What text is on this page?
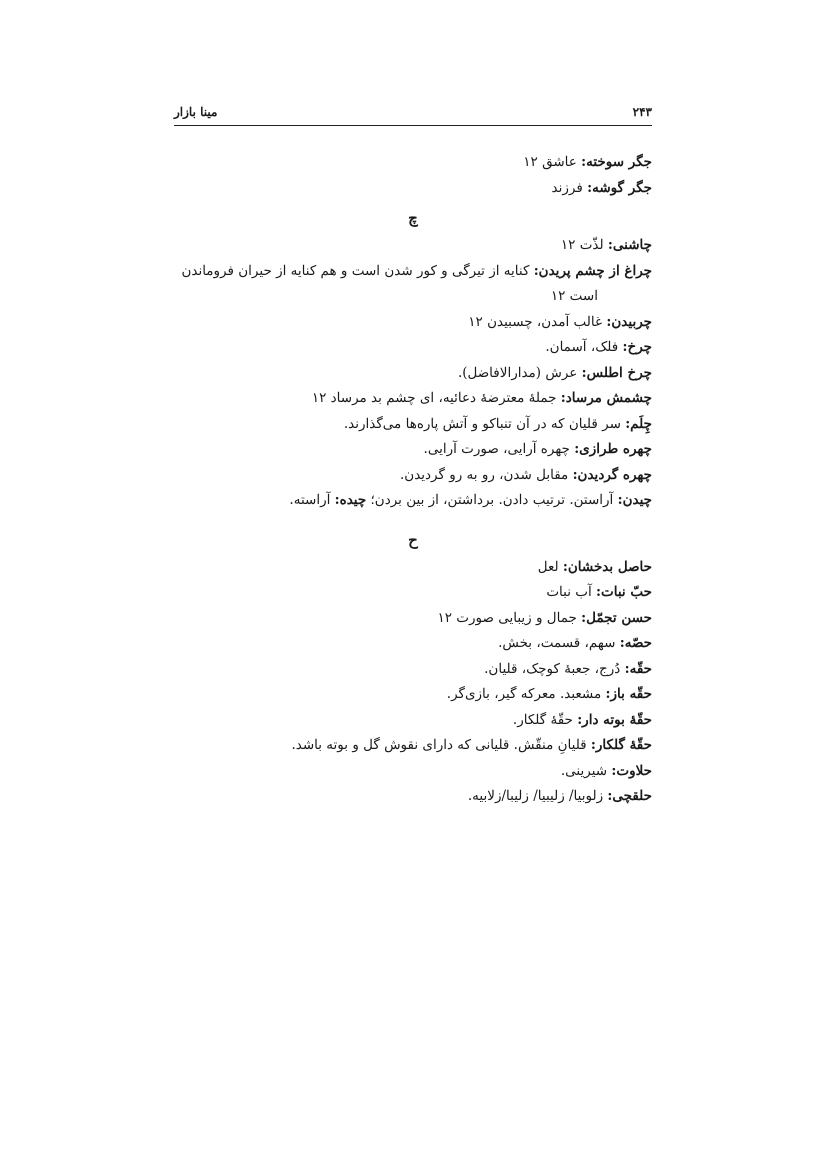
۲۴۳
مینا بازار

جگر سوخته: عاشق ۱۲

جگر گوشه: فرزند

چ

چاشنی: لذّت ۱۲

چراغ از چشم پریدن: کنایه از تیرگی و کور شدن است و هم کنایه از حیران فروماندن
است ۱۲

چربیدن: غالب آمدن، چسبیدن ۱۲

چرخ: فلک، آسمان.

چرخ اطلس: عرش (مدارالافاضل).

چشمش مرساد: جملهٔ معترضهٔ دعائیه، ای چشم بد مرساد ۱۲

چِلَم: سر قلیان که در آن تنباکو و آتش پاره‌ها می‌گذارند.

چهره طرازی: چهره آرایی، صورت آرایی.

چهره گردیدن: مقابل شدن، رو به رو گردیدن.

چیدن: آراستن. ترتیب دادن. برداشتن، از بین بردن؛ چیده: آراسته.

ح

حاصل بدخشان: لعل

حبّ نبات: آب نبات

حسن تجمّل: جمال و زیبایی صورت ۱۲

حصّه: سهم، قسمت، بخش.

حقّه: دُرج، جعبهٔ کوچک، قلیان.

حقّه باز: مشعبد. معرکه گیر، بازی‌گر.

حقّهٔ بوته دار: حقّهٔ گلکار.

حقّهٔ گلکار: قلیانِ منقّش. قلیانی که دارای نقوش گل و بوته باشد.

حلاوت: شیرینی.

حلقچی: زلوبیا/ زلیبیا/ زلیبا/زلابیه.
